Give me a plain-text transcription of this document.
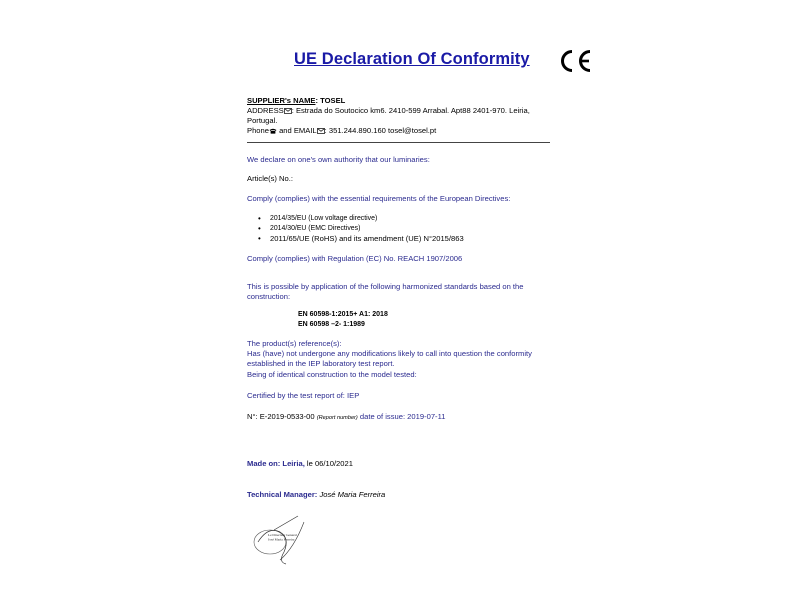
UE Declaration Of Conformity
SUPPLIER's NAME: TOSEL
ADDRESS : Estrada do Soutocico km6. 2410-599 Arrabal. Apt88 2401-970. Leiria,
Portugal.
Phone and EMAIL : 351.244.890.160 tosel@tosel.pt
We declare on one's own authority that our luminaries:
Article(s) No.:
Comply (complies) with the essential requirements of the European Directives:
• 2014/35/EU (Low voltage directive)
• 2014/30/EU (EMC Directives)
• 2011/65/UE (RoHS) and its amendment (UE) N°2015/863
Comply (complies) with Regulation (EC) No. REACH 1907/2006
This is possible by application of the following harmonized standards based on the
construction:
EN 60598-1:2015+ A1: 2018
EN 60598 –2- 1:1989
The product(s) reference(s):
Has (have) not undergone any modifications likely to call into question the conformity
established in the IEP laboratory test report.
Being of identical construction to the model tested:
Certified by the test report of: IEP
N°: E-2019-0533-00 (Report number) date of issue: 2019-07-11
Made on: Leiria, le 06/10/2021
Technical Manager: José Maria Ferreira
Le Directeur General
José Maria Ferreira
